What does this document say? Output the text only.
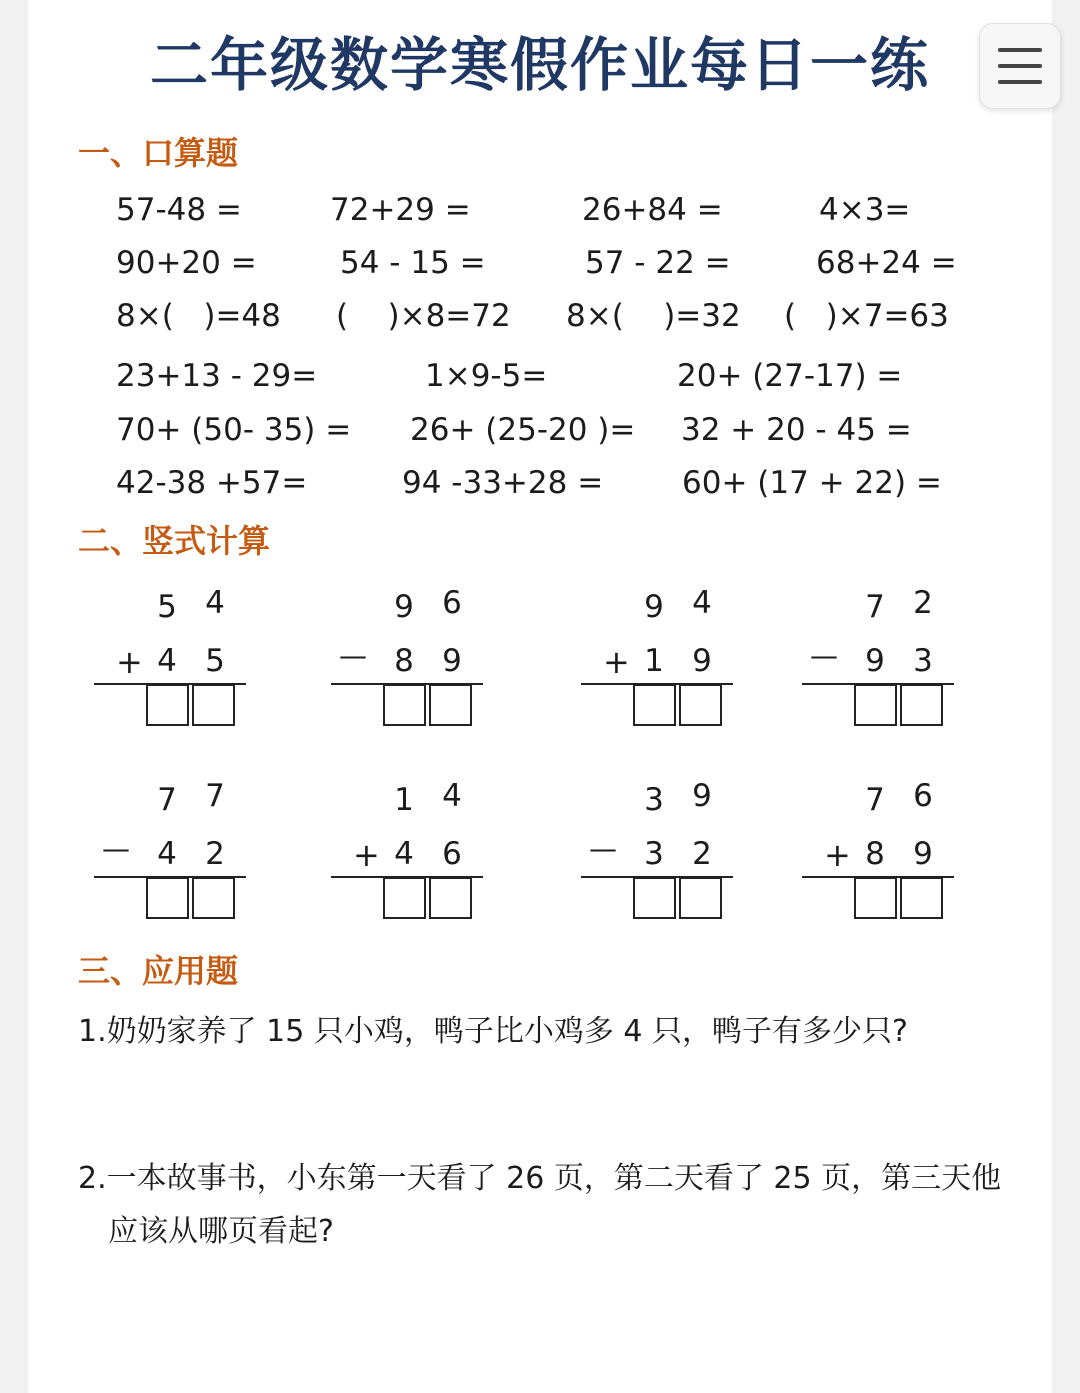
二年级数学寒假作业每日一练
一、口算题
57-48 =	72+29 =	26+84 =	4×3=
90+20 =	54 - 15 =	57 - 22 =	68+24 =
8×(   )=48 (    )×8=72 8×(    )=32 (   )×7=63
23+13 - 29=	1×9-5=	20+ (27-17) =
70+ (50- 35) = 26+ (25-20 )= 32 + 20 - 45 =
42-38 +57=	94 -33+28 =	60+ (17 + 22) =
二、竖式计算
5 4
+ 4 5
9 6
— 8 9
9 4
+ 1 9
7 2
— 9 3
7 7
— 4 2
1 4
+ 4 6
3 9
— 3 2
7 6
+ 8 9
三、应用题
1.奶奶家养了 15 只小鸡，鸭子比小鸡多 4 只，鸭子有多少只?
2.一本故事书，小东第一天看了 26 页，第二天看了 25 页，第三天他
应该从哪页看起?
